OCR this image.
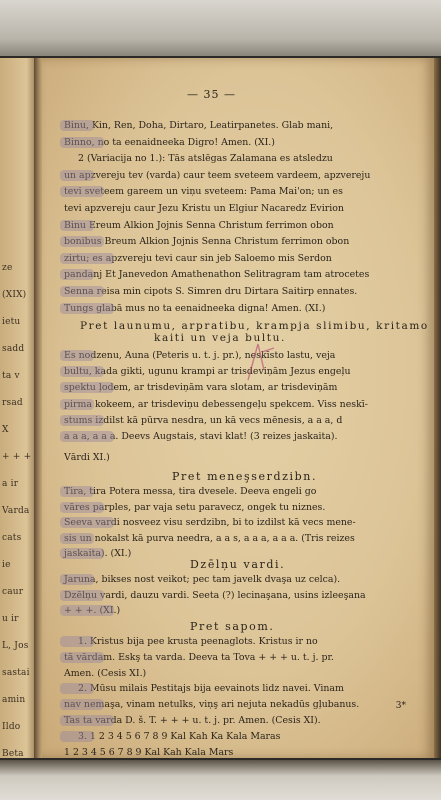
ze
(XIX)
ietu
sadd
ta v
rsad
X
+ + +
a ir
Varda
cats
ie
caur
u ir
L, Jos
sastai
amin
Ildo
Beta
— 35 —
Binu, Kin, Ren, Doha, Dirtaro, Leatirpanetes. Glab mani,
Binno, no ta eenaidneeka Digro! Amen. (XI.)
2 (Variacija no 1.): Tās atslēgas Zalamana es atsledzu
un apzvereju tev (varda) caur teem sveteem vardeem, apzvereju
tevi sveteem gareem un viņu sveteem: Pama Mai'on; un es
tevi apzvereju caur Jezu Kristu un Elgiur Nacaredz Evirion
Binu Ereum Alkion Jojnis Senna Christum ferrimon obon
bonibus Breum Alkion Jojnis Senna Christum ferrimon obon
zirtu; es apzvereju tevi caur sin jeb Saloemo mis Serdon
pandanj Et Janevedon Amathenathon Selitragram tam atrocetes
Senna reisa min cipots S. Simren dru Dirtara Saitirp ennates.
Tungs glabā mus no ta eenaidneeka digna! Amen. (XI.)
Pret launumu, arpratibu, krampja slimibu, kritamo
kaiti un veja bultu.
Es nodzenu, Auna (Peteris u. t. j. pr.), neskīsto lastu, veja
bultu, kada gikti, ugunu krampi ar trisdeviņām Jezus engeļu
spektu ļodem, ar trisdeviņām vara slotam, ar trisdeviņām
pirma kokeem, ar trisdeviņu debessengeļu spekcem. Viss neskī-
stums izdilst kā pūrva nesdra, un kā vecs mēnesis, a a a, d
a a a, a a a. Deevs Augstais, stavi klat! (3 reizes jaskaita).
Vārdi XI.)
Pret meneşserdzibn.
Tira, tira Potera messa, tira dvesele. Deeva engeli go
vāres parples, par vaja setu paravecz, ongek tu niznes.
Seeva vardi nosveez visu serdzibn, bi to izdilst kā vecs mene-
sis un nokalst kā purva needra, a a s, a a a, a a a. (Tris reizes
jaskaita). (XI.)
Dzēlņu vardi.
Jaruna, bikses nost veikot; pec tam javelk dvaşa uz celca).
Dzēlņu vardi, dauzu vardi. Seeta (?) lecinaşana, usins izleeşana
+ + +. (XI.)
Pret sapom.
1. Kristus bija pee krusta peenaglots. Kristus ir no
tā vārdam. Eskş ta varda. Deeva ta Tova + + + u. t. j. pr.
Amen. (Cesis XI.)
2. Mūsu milais Pestitajs bija eevainots lidz navei. Vinam
nav nemaşa, vinam netulks, viņş ari nejuta nekadūs gļubanus.
Tas ta varda D. š. T. + + + u. t. j. pr. Amen. (Cesis XI).
3. 1 2 3 4 5 6 7 8 9 Kal Kah Ka Kala Maras
1 2 3 4 5 6 7 8 9 Kal Kah Kala Mars
3*
